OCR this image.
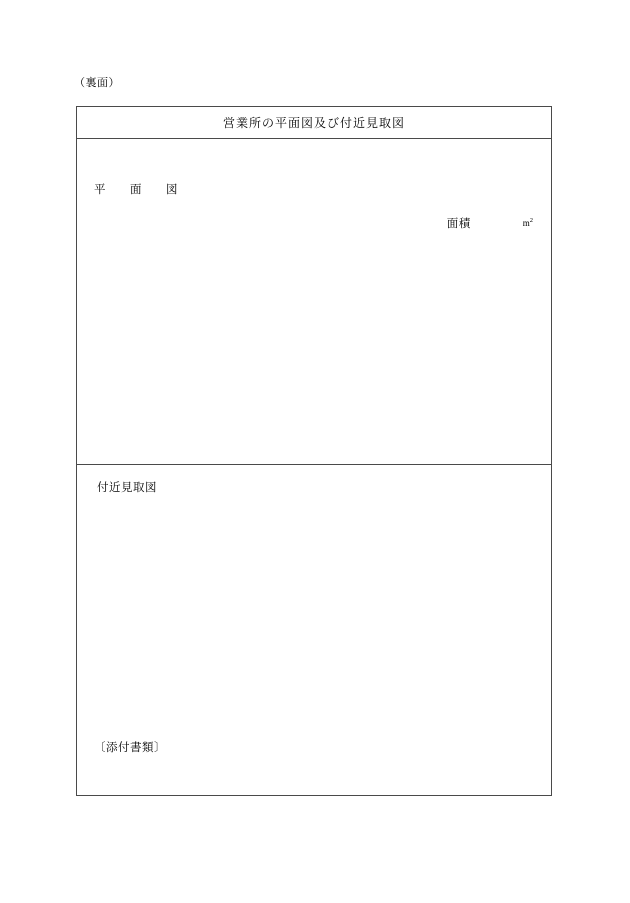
（裏面）
営業所の平面図及び付近見取図
平　　面　　図
面積	$m^2$
付近見取図
〔添付書類〕
